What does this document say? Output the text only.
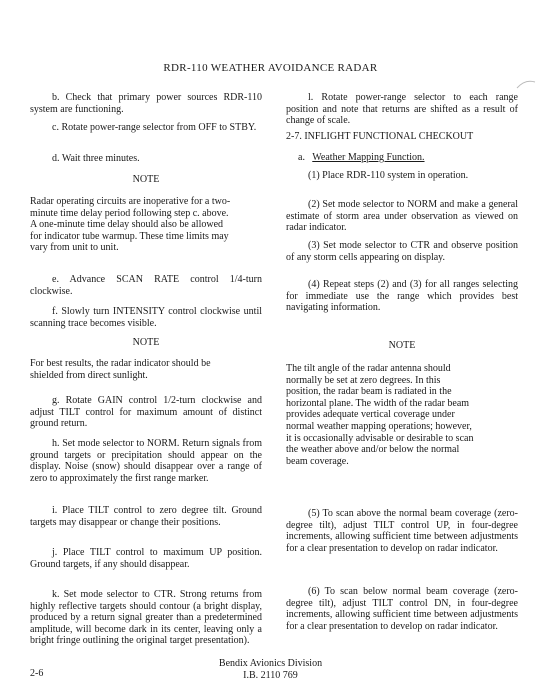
RDR-110 WEATHER AVOIDANCE RADAR
b. Check that primary power sources RDR-110 system are functioning.
c. Rotate power-range selector from OFF to STBY.
d. Wait three minutes.
NOTE
Radar operating circuits are inoperative for a two-minute time delay period following step c. above. A one-minute time delay should also be allowed for indicator tube warmup. These time limits may vary from unit to unit.
e. Advance SCAN RATE control 1/4-turn clockwise.
f. Slowly turn INTENSITY control clockwise until scanning trace becomes visible.
NOTE
For best results, the radar indicator should be shielded from direct sunlight.
g. Rotate GAIN control 1/2-turn clockwise and adjust TILT control for maximum amount of distinct ground return.
h. Set mode selector to NORM. Return signals from ground targets or precipitation should appear on the display. Noise (snow) should disappear over a range of zero to approximately the first range marker.
i. Place TILT control to zero degree tilt. Ground targets may disappear or change their positions.
j. Place TILT control to maximum UP position. Ground targets, if any should disappear.
k. Set mode selector to CTR. Strong returns from highly reflective targets should contour (a bright display, produced by a return signal greater than a predetermined amplitude, will become dark in its center, leaving only a bright fringe outlining the original target presentation).
l. Rotate power-range selector to each range position and note that returns are shifted as a result of change of scale.
2-7. INFLIGHT FUNCTIONAL CHECKOUT
a. Weather Mapping Function.
(1) Place RDR-110 system in operation.
(2) Set mode selector to NORM and make a general estimate of storm area under observation as viewed on radar indicator.
(3) Set mode selector to CTR and observe position of any storm cells appearing on display.
(4) Repeat steps (2) and (3) for all ranges selecting for immediate use the range which provides best navigating information.
NOTE
The tilt angle of the radar antenna should normally be set at zero degrees. In this position, the radar beam is radiated in the horizontal plane. The width of the radar beam provides adequate vertical coverage under normal weather mapping operations; however, it is occasionally advisable or desirable to scan the weather above and/or below the normal beam coverage.
(5) To scan above the normal beam coverage (zero-degree tilt), adjust TILT control UP, in four-degree increments, allowing sufficient time between adjustments for a clear presentation to develop on radar indicator.
(6) To scan below normal beam coverage (zero-degree tilt), adjust TILT control DN, in four-degree increments, allowing sufficient time between adjustments for a clear presentation to develop on radar indicator.
Bendix Avionics Division
I.B. 2110 769
2-6
